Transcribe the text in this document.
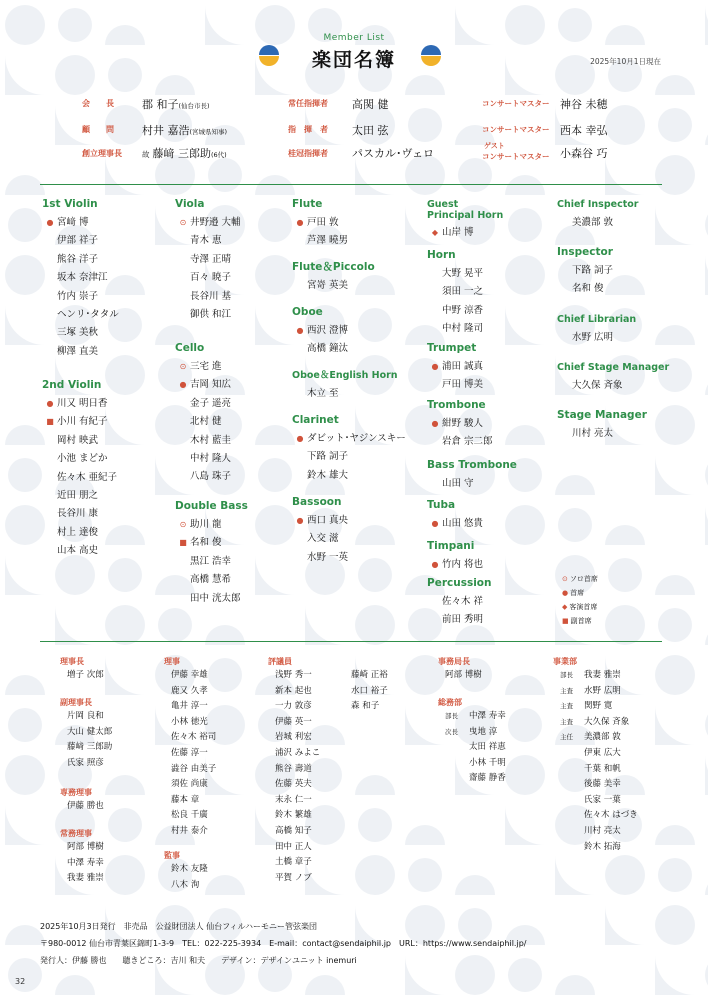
Member List
楽団名簿	2025年10月1日現在
会　　長	郡 和子(仙台市長)
顧　　問	村井 嘉浩(宮城県知事)
創立理事長	故 藤﨑 三郎助(6代)
常任指揮者 高関 健
指　揮　者 太田 弦
桂冠指揮者 パスカル･ヴェロ
コンサートマスター 神谷 未穂
コンサートマスター 西本 幸弘
ゲスト
コンサートマスター 小森谷 巧
1st Violin
● 宮﨑 博
伊部 祥子
熊谷 洋子
坂本 奈津江
竹内 崇子
ヘンリ･タタル
三塚 美秋
柳澤 直美
2nd Violin
● 川又 明日香
■ 小川 有紀子
岡村 映武
小池 まどか
佐々木 亜紀子
近田 朋之
長谷川 康
村上 達俊
山本 高史
Viola
⊙ 井野邉 大輔
青木 恵
寺澤 正晴
百々 暁子
長谷川 基
御供 和江
Cello
⊙ 三宅 進
● 吉岡 知広
金子 遥亮
北村 健
木村 藍圭
中村 隆人
八島 珠子
Double Bass
⊙ 助川 龍
■ 名和 俊
黒江 浩幸
高橋 慧希
田中 洸太郎
Flute
● 戸田 敦
芦澤 曉男
Flute＆Piccolo
宮嵜 英美
Oboe
● 西沢 澄博
高橋 鐘汰
Oboe＆English Horn
木立 至
Clarinet
● ダビット･ヤジンスキー
下路 詞子
鈴木 雄大
Bassoon
● 西口 真央
入交 滋
水野 一英
Guest
Principal Horn
◆ 山岸 博
Horn
大野 晃平
須田 一之
中野 涼香
中村 隆司
Trumpet
● 浦田 誠真
戸田 博美
Trombone
● 紺野 駿人
岩倉 宗二郎
Bass Trombone
山田 守
Tuba
● 山田 悠貴
Timpani
● 竹内 将也
Percussion
佐々木 祥
前田 秀明
Chief Inspector
美濃部 敦
Inspector
下路 詞子
名和 俊
Chief Librarian
水野 広明
Chief Stage Manager
大久保 斉象
Stage Manager
川村 亮太
⊙ ソロ首席
● 首席
◆ 客演首席
■ 副首席
理事長
増子 次郎
副理事長
片岡 良和
大山 健太郎
藤﨑 三郎助
氏家 照彦
専務理事
伊藤 勝也
常務理事
阿部 博樹
中澤 寿幸
我妻 雅崇
理事
伊藤 幸雄
鹿又 久孝
亀井 淳一
小林 徳光
佐々木 裕司
佐藤 淳一
澁谷 由美子
須佐 尚康
藤本 章
松良 千廣
村井 泰介
監事
鈴木 友隆
八木 洵
評議員
浅野 秀一
新本 起也
一力 敦彦
伊藤 英一
岩城 利宏
浦沢 みよこ
熊谷 壽道
佐藤 英夫
末永 仁一
鈴木 繁雄
高橋 知子
田中 正人
土橋 章子
平賀 ノブ
藤崎 正裕
水口 裕子
森 和子
事務局長
阿部 博樹
総務部
部長 中澤 寿幸
次長 曳地 淳
太田 祥恵
小林 千明
齋藤 静香
事業部
部長 我妻 雅崇
主査 水野 広明
主査 関野 寛
主査 大久保 斉象
主任 美濃部 敦
伊東 広大
千葉 和帆
後藤 美幸
氏家 一葉
佐々木 はづき
川村 亮太
鈴木 拓海
2025年10月3日発行　非売品　公益財団法人 仙台フィルハーモニー管弦楽団
〒980-0012 仙台市青葉区錦町1-3-9　TEL：022-225-3934　E-mail：contact@sendaiphil.jp　URL：https://www.sendaiphil.jp/
発行人：伊藤 勝也　　聴きどころ：吉川 和夫　　デザイン：デザインユニット inemuri
32
